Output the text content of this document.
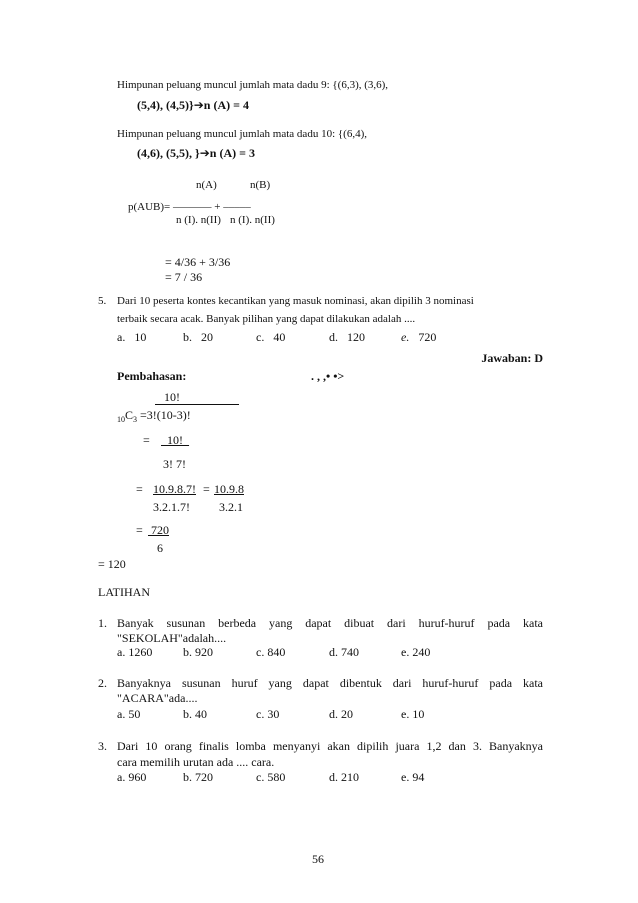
Himpunan peluang muncul jumlah mata dadu 9: {(6,3), (3,6),
(5,4), (4,5)}➔n (A) = 4
Himpunan peluang muncul jumlah mata dadu 10: {(6,4),
(4,6), (5,5), }➔n (A) = 3
n(A)	n(B)
p(AUB)= ––––––– + –––––
n (I). n(II) n (I). n(II)
= 4/36 + 3/36
= 7 / 36
5. Dari 10 peserta kontes kecantikan yang masuk nominasi, akan dipilih 3 nominasi
terbaik secara acak. Banyak pilihan yang dapat dilakukan adalah ....
a. 10	b. 20	c. 40	d. 120	e. 720
Jawaban: D
Pembahasan:	. , ,• •>
10!
$_{10}C_3 =3!(10-3)$!
=	10!_
3! 7!
= 10.9.8.7! = 10.9.8
3.2.1.7! 3.2.1
= 720
6
= 120
LATIHAN
1. Banyak susunan berbeda yang dapat dibuat dari huruf-huruf pada kata
"SEKOLAH"adalah....
a. 1260	b. 920	c. 840	d. 740	e. 240
2. Banyaknya susunan huruf yang dapat dibentuk dari huruf-huruf pada kata
"ACARA"ada....
a. 50	b. 40	c. 30	d. 20	e. 10
3. Dari 10 orang finalis lomba menyanyi akan dipilih juara 1,2 dan 3. Banyaknya
cara memilih urutan ada .... cara.
a. 960	b. 720	c. 580	d. 210	e. 94
56
